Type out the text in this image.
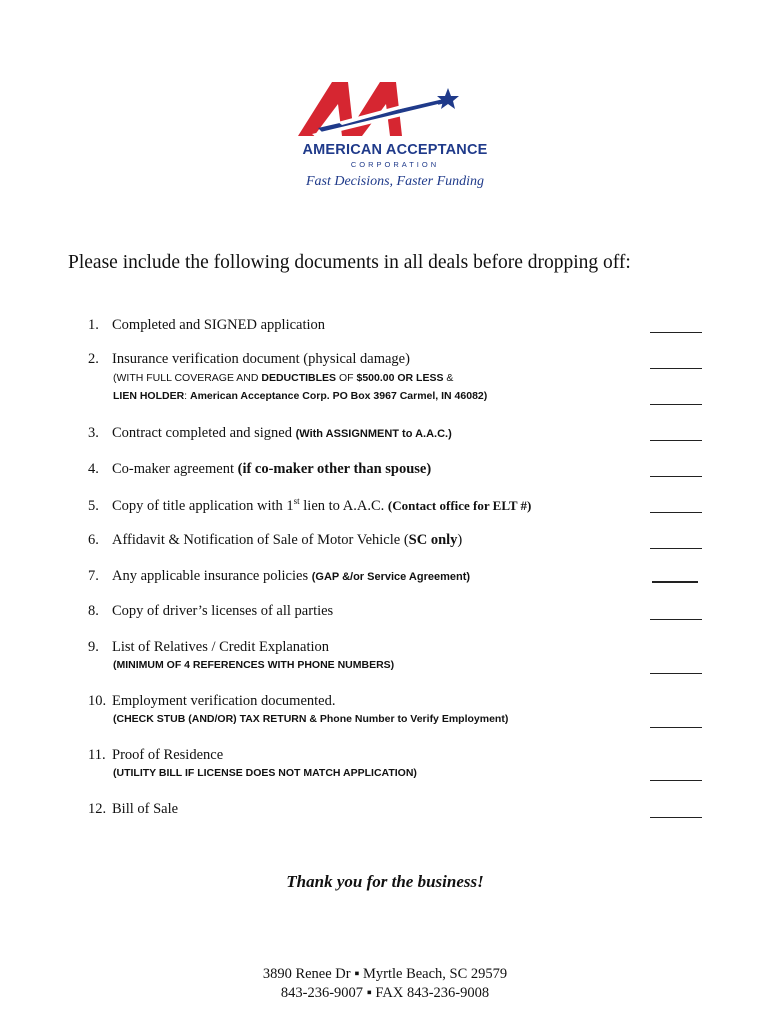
AMERICAN ACCEPTANCE
CORPORATION
Fast Decisions, Faster Funding
Please include the following documents in all deals before dropping off:
1. Completed and SIGNED application
2. Insurance verification document (physical damage)
(WITH FULL COVERAGE AND DEDUCTIBLES OF $500.00 OR LESS &
LIEN HOLDER: American Acceptance Corp. PO Box 3967 Carmel, IN 46082)
3. Contract completed and signed (With ASSIGNMENT to A.A.C.)
4. Co-maker agreement (if co-maker other than spouse)
5. Copy of title application with 1st lien to A.A.C. (Contact office for ELT #)
6. Affidavit & Notification of Sale of Motor Vehicle (SC only)
7. Any applicable insurance policies (GAP &/or Service Agreement)
8. Copy of driver’s licenses of all parties
9. List of Relatives / Credit Explanation
(MINIMUM OF 4 REFERENCES WITH PHONE NUMBERS)
10. Employment verification documented.
(CHECK STUB (AND/OR) TAX RETURN & Phone Number to Verify Employment)
11. Proof of Residence
(UTILITY BILL IF LICENSE DOES NOT MATCH APPLICATION)
12. Bill of Sale
Thank you for the business!
3890 Renee Dr ▪ Myrtle Beach, SC 29579
843-236-9007 ▪ FAX 843-236-9008
